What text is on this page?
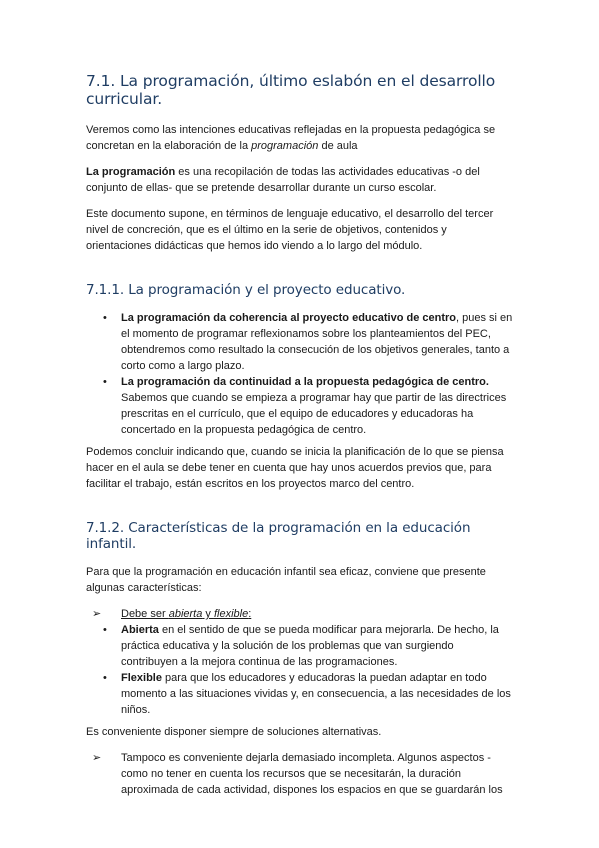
7.1. La programación, último eslabón en el desarrollo curricular.

Veremos como las intenciones educativas reflejadas en la propuesta pedagógica se concretan en la elaboración de la programación de aula

La programación es una recopilación de todas las actividades educativas -o del conjunto de ellas- que se pretende desarrollar durante un curso escolar.

Este documento supone, en términos de lenguaje educativo, el desarrollo del tercer nivel de concreción, que es el último en la serie de objetivos, contenidos y orientaciones didácticas que hemos ido viendo a lo largo del módulo.

7.1.1. La programación y el proyecto educativo.
• La programación da coherencia al proyecto educativo de centro, pues si en el momento de programar reflexionamos sobre los planteamientos del PEC, obtendremos como resultado la consecución de los objetivos generales, tanto a corto como a largo plazo.
• La programación da continuidad a la propuesta pedagógica de centro. Sabemos que cuando se empieza a programar hay que partir de las directrices prescritas en el currículo, que el equipo de educadores y educadoras ha concertado en la propuesta pedagógica de centro.

Podemos concluir indicando que, cuando se inicia la planificación de lo que se piensa hacer en el aula se debe tener en cuenta que hay unos acuerdos previos que, para facilitar el trabajo, están escritos en los proyectos marco del centro.

7.1.2. Características de la programación en la educación infantil.

Para que la programación en educación infantil sea eficaz, conviene que presente algunas características:

➢ Debe ser abierta y flexible:
• Abierta en el sentido de que se pueda modificar para mejorarla. De hecho, la práctica educativa y la solución de los problemas que van surgiendo contribuyen a la mejora continua de las programaciones.
• Flexible para que los educadores y educadoras la puedan adaptar en todo momento a las situaciones vividas y, en consecuencia, a las necesidades de los niños.

Es conveniente disponer siempre de soluciones alternativas.

➢ Tampoco es conveniente dejarla demasiado incompleta. Algunos aspectos -como no tener en cuenta los recursos que se necesitarán, la duración aproximada de cada actividad, dispones los espacios en que se guardarán los
